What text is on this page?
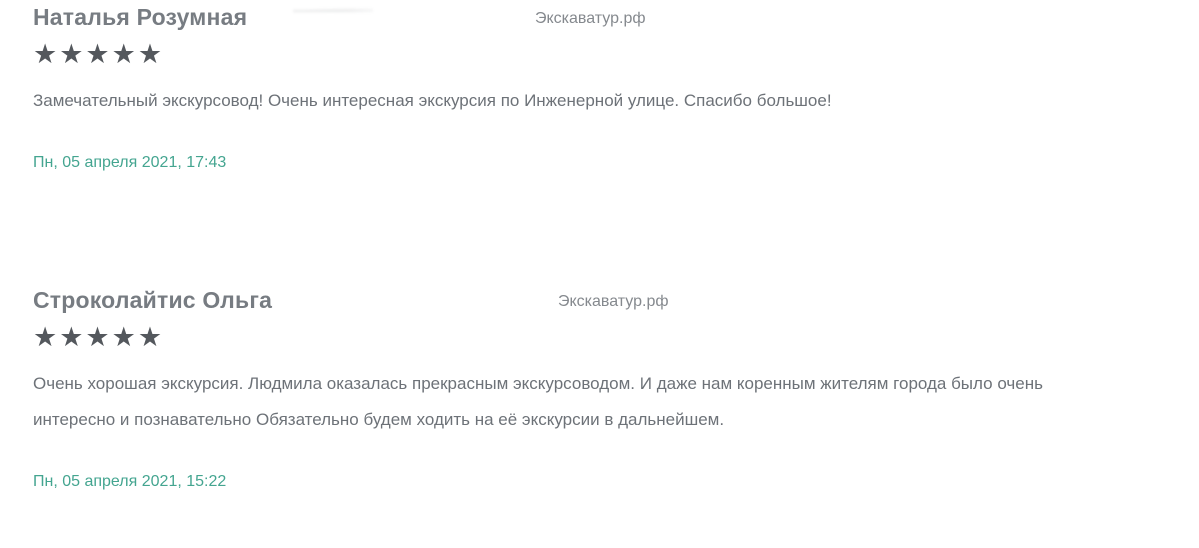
Наталья Розумная	Экскаватур.рф
★★★★★

Замечательный экскурсовод! Очень интересная экскурсия по Инженерной улице. Спасибо большое!

Пн, 05 апреля 2021, 17:43
Строколайтис Ольга	Экскаватур.рф
★★★★★

Очень хорошая экскурсия. Людмила оказалась прекрасным экскурсоводом. И даже нам коренным жителям города было очень интересно и познавательно Обязательно будем ходить на её экскурсии в дальнейшем.

Пн, 05 апреля 2021, 15:22
